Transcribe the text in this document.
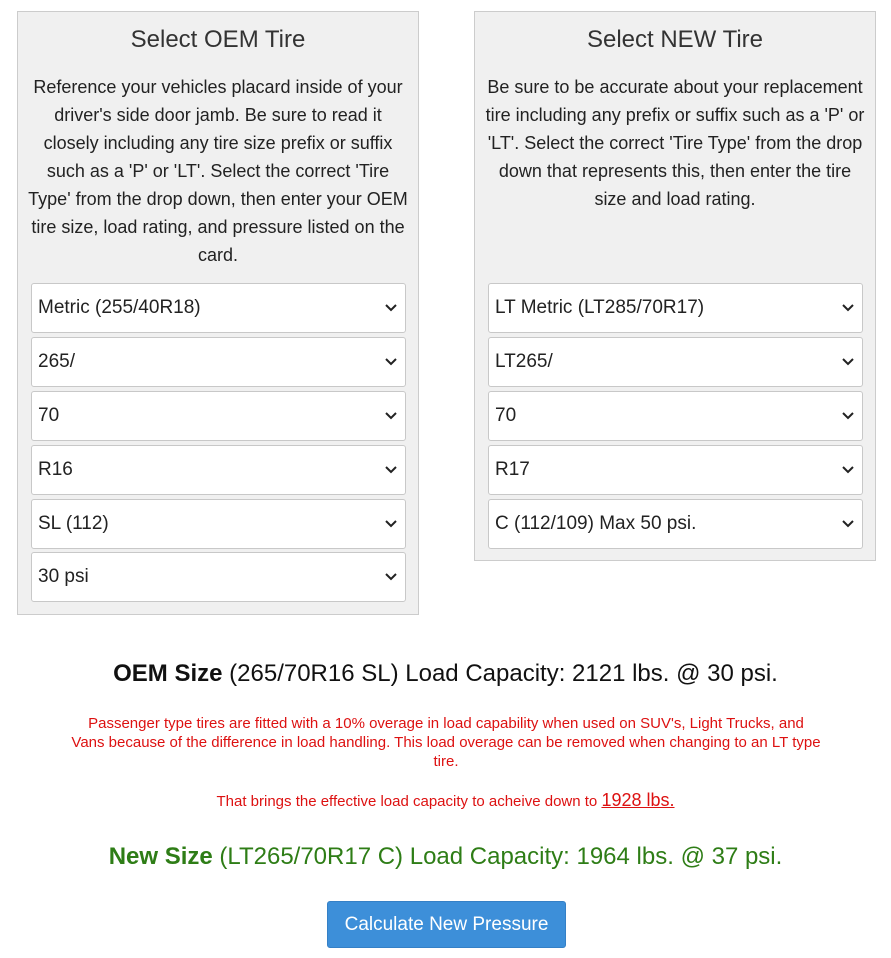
Select OEM Tire
Reference your vehicles placard inside of your driver's side door jamb. Be sure to read it closely including any tire size prefix or suffix such as a 'P' or 'LT'. Select the correct 'Tire Type' from the drop down, then enter your OEM tire size, load rating, and pressure listed on the card.
Metric (255/40R18)
265/
70
R16
SL (112)
30 psi
Select NEW Tire
Be sure to be accurate about your replacement tire including any prefix or suffix such as a 'P' or 'LT'. Select the correct 'Tire Type' from the drop down that represents this, then enter the tire size and load rating.
LT Metric (LT285/70R17)
LT265/
70
R17
C (112/109) Max 50 psi.
OEM Size (265/70R16 SL) Load Capacity: 2121 lbs. @ 30 psi.
Passenger type tires are fitted with a 10% overage in load capability when used on SUV's, Light Trucks, and Vans because of the difference in load handling. This load overage can be removed when changing to an LT type tire.
That brings the effective load capacity to acheive down to 1928 lbs.
New Size (LT265/70R17 C) Load Capacity: 1964 lbs. @ 37 psi.
Calculate New Pressure
